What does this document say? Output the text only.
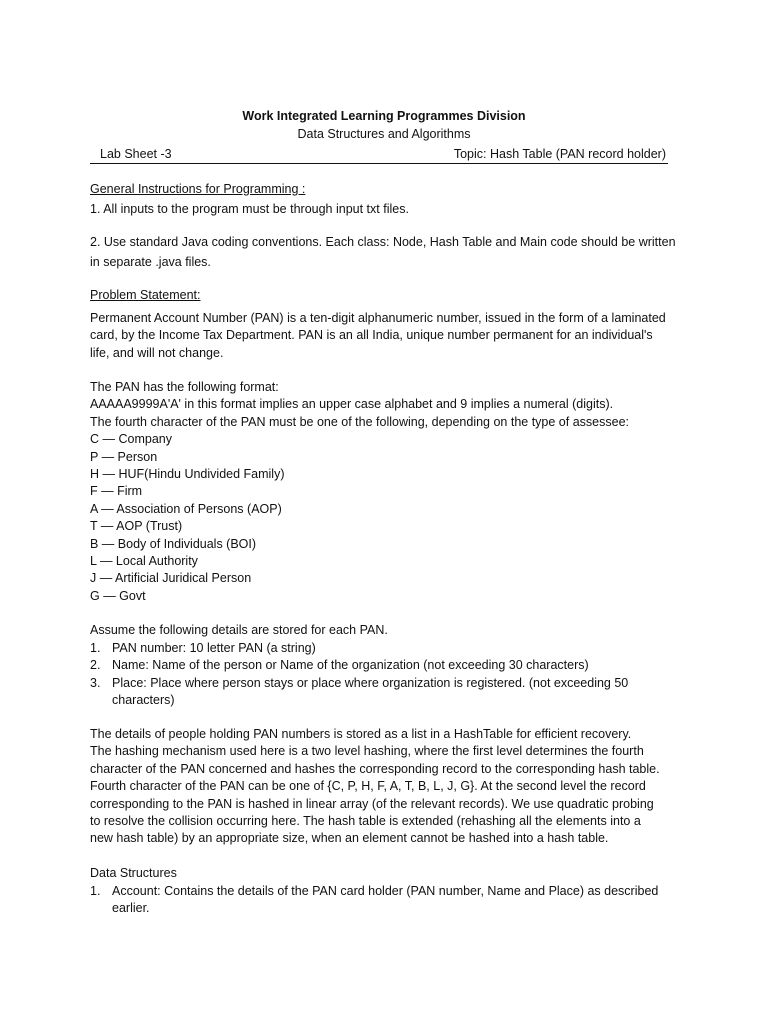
Work Integrated Learning Programmes Division
Data Structures and Algorithms
Lab Sheet -3	Topic: Hash Table (PAN record holder)
General Instructions for Programming :
1. All inputs to the program must be through input txt files.
2. Use standard Java coding conventions. Each class: Node, Hash Table and Main code should be written
in separate .java files.
Problem Statement:

Permanent Account Number (PAN) is a ten-digit alphanumeric number, issued in the form of a laminated

card, by the Income Tax Department. PAN is an all India, unique number permanent for an individual's

life, and will not change.

The PAN has the following format:

AAAAA9999A'A' in this format implies an upper case alphabet and 9 implies a numeral (digits).

The fourth character of the PAN must be one of the following, depending on the type of assessee:

C — Company

P — Person

H — HUF(Hindu Undivided Family)

F — Firm

A — Association of Persons (AOP)

T — AOP (Trust)

B — Body of Individuals (BOI)

L — Local Authority

J — Artificial Juridical Person

G — Govt

Assume the following details are stored for each PAN.
1. PAN number: 10 letter PAN (a string)
2. Name: Name of the person or Name of the organization (not exceeding 30 characters)
3. Place: Place where person stays or place where organization is registered. (not exceeding 50
characters)

The details of people holding PAN numbers is stored as a list in a HashTable for efficient recovery.

The hashing mechanism used here is a two level hashing, where the first level determines the fourth

character of the PAN concerned and hashes the corresponding record to the corresponding hash table.

Fourth character of the PAN can be one of {C, P, H, F, A, T, B, L, J, G}. At the second level the record

corresponding to the PAN is hashed in linear array (of the relevant records). We use quadratic probing

to resolve the collision occurring here. The hash table is extended (rehashing all the elements into a

new hash table) by an appropriate size, when an element cannot be hashed into a hash table.

Data Structures
1. Account: Contains the details of the PAN card holder (PAN number, Name and Place) as described
earlier.
